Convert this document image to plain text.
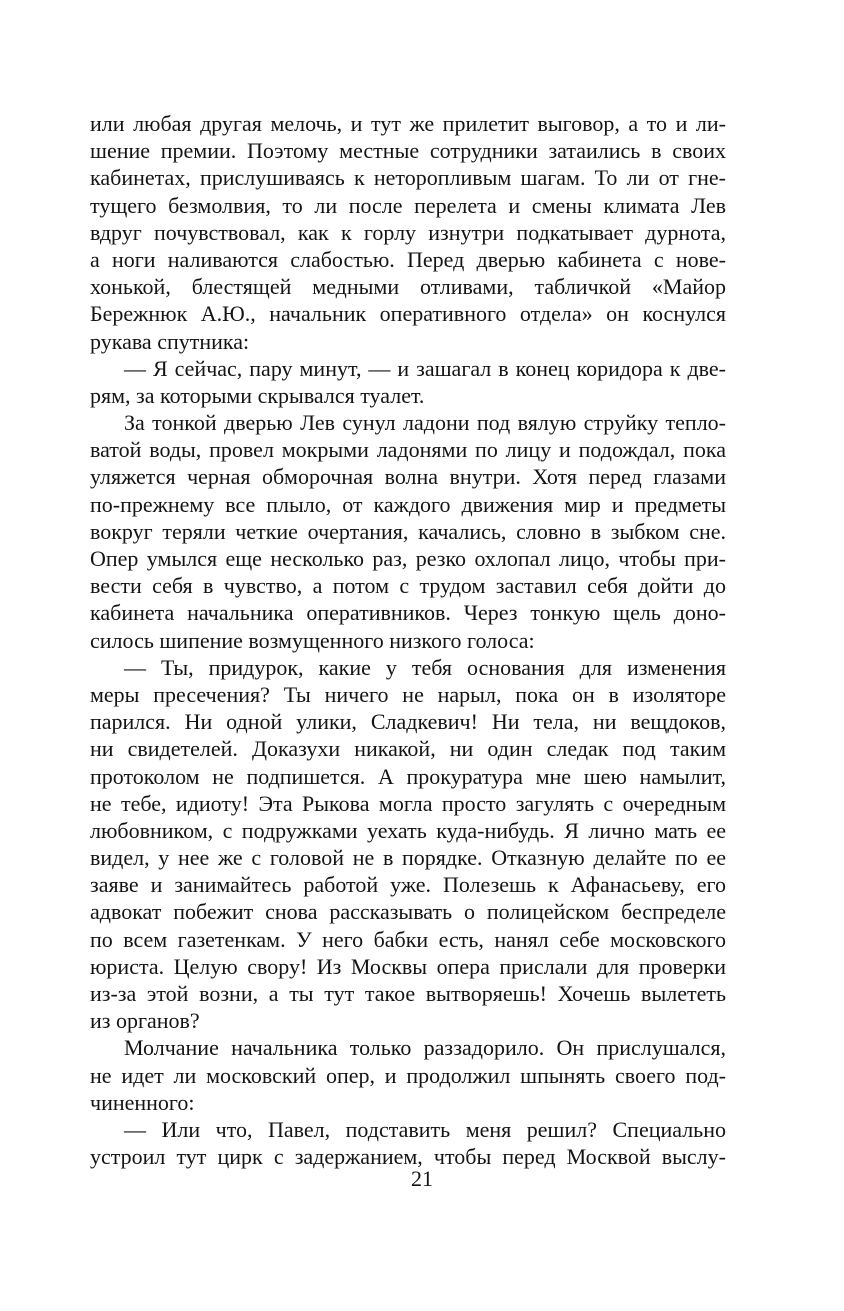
или любая другая мелочь, и тут же прилетит выговор, а то и ли-
шение премии. Поэтому местные сотрудники затаились в своих
кабинетах, прислушиваясь к неторопливым шагам. То ли от гне-
тущего безмолвия, то ли после перелета и смены климата Лев
вдруг почувствовал, как к горлу изнутри подкатывает дурнота,
а ноги наливаются слабостью. Перед дверью кабинета с нове-
хонькой, блестящей медными отливами, табличкой «Майор
Бережнюк А.Ю., начальник оперативного отдела» он коснулся
рукава спутника:
— Я сейчас, пару минут, — и зашагал в конец коридора к две-
рям, за которыми скрывался туалет.
За тонкой дверью Лев сунул ладони под вялую струйку тепло-
ватой воды, провел мокрыми ладонями по лицу и подождал, пока
уляжется черная обморочная волна внутри. Хотя перед глазами
по-прежнему все плыло, от каждого движения мир и предметы
вокруг теряли четкие очертания, качались, словно в зыбком сне.
Опер умылся еще несколько раз, резко охлопал лицо, чтобы при-
вести себя в чувство, а потом с трудом заставил себя дойти до
кабинета начальника оперативников. Через тонкую щель доно-
силось шипение возмущенного низкого голоса:
— Ты, придурок, какие у тебя основания для изменения
меры пресечения? Ты ничего не нарыл, пока он в изоляторе
парился. Ни одной улики, Сладкевич! Ни тела, ни вещдоков,
ни свидетелей. Доказухи никакой, ни один следак под таким
протоколом не подпишется. А прокуратура мне шею намылит,
не тебе, идиоту! Эта Рыкова могла просто загулять с очередным
любовником, с подружками уехать куда-нибудь. Я лично мать ее
видел, у нее же с головой не в порядке. Отказную делайте по ее
заяве и занимайтесь работой уже. Полезешь к Афанасьеву, его
адвокат побежит снова рассказывать о полицейском беспределе
по всем газетенкам. У него бабки есть, нанял себе московского
юриста. Целую свору! Из Москвы опера прислали для проверки
из-за этой возни, а ты тут такое вытворяешь! Хочешь вылететь
из органов?
Молчание начальника только раззадорило. Он прислушался,
не идет ли московский опер, и продолжил шпынять своего под-
чиненного:
— Или что, Павел, подставить меня решил? Специально
устроил тут цирк с задержанием, чтобы перед Москвой выслу-
21
